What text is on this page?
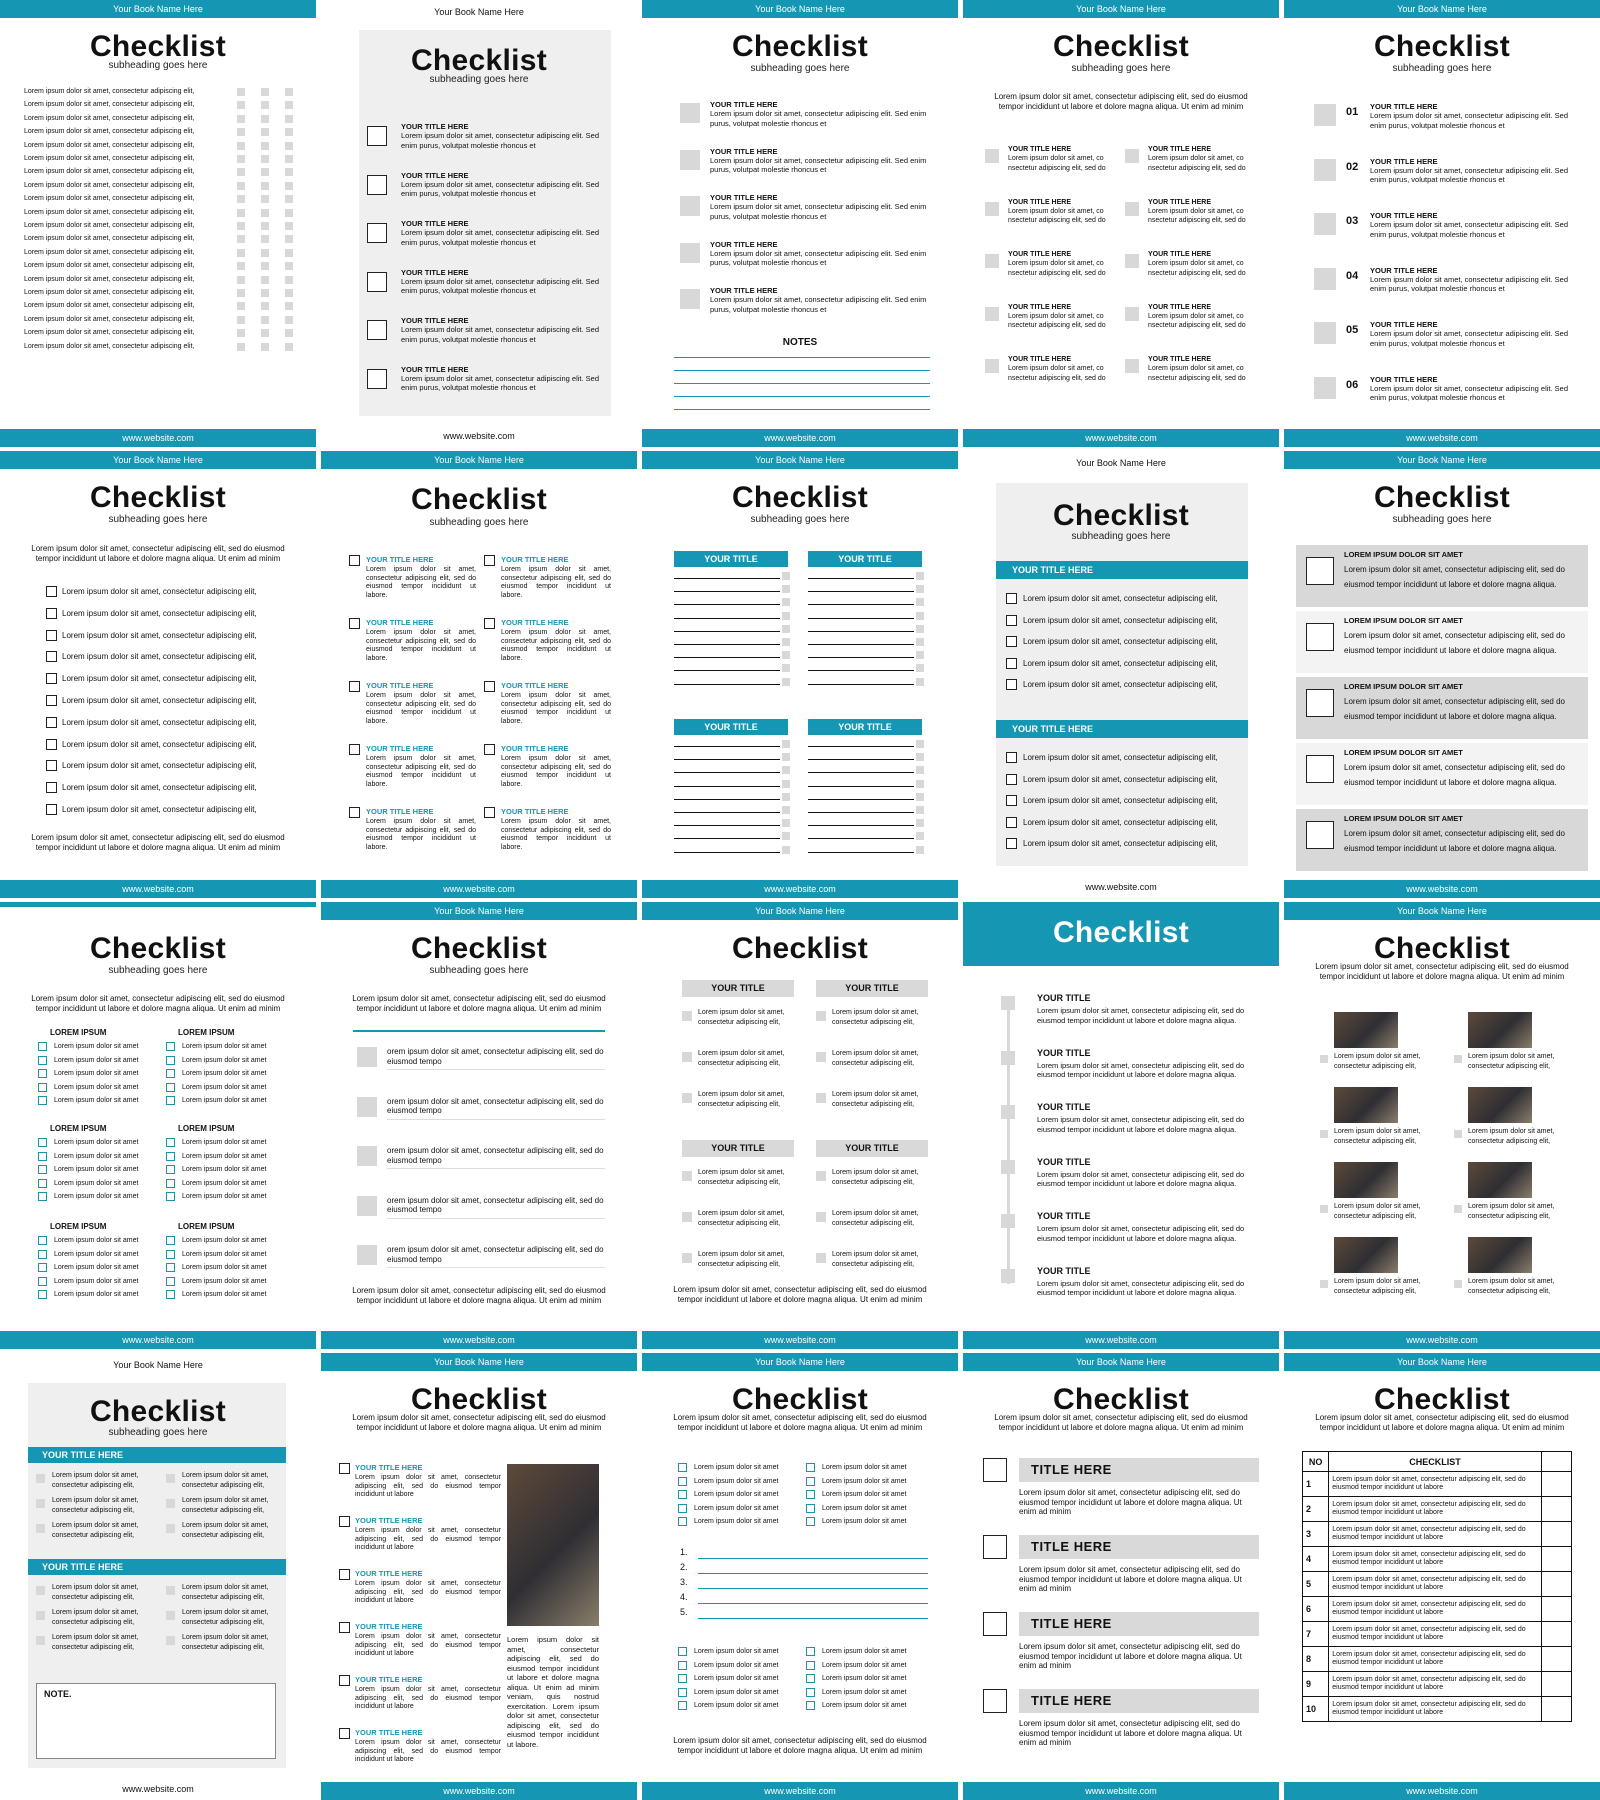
Your Book Name Here
Checklist
subheading goes here
Lorem ipsum dolor sit amet, consectetur adipiscing elit,
Lorem ipsum dolor sit amet, consectetur adipiscing elit,
Lorem ipsum dolor sit amet, consectetur adipiscing elit,
Lorem ipsum dolor sit amet, consectetur adipiscing elit,
Lorem ipsum dolor sit amet, consectetur adipiscing elit,
Lorem ipsum dolor sit amet, consectetur adipiscing elit,
Lorem ipsum dolor sit amet, consectetur adipiscing elit,
Lorem ipsum dolor sit amet, consectetur adipiscing elit,
Lorem ipsum dolor sit amet, consectetur adipiscing elit,
Lorem ipsum dolor sit amet, consectetur adipiscing elit,
Lorem ipsum dolor sit amet, consectetur adipiscing elit,
Lorem ipsum dolor sit amet, consectetur adipiscing elit,
Lorem ipsum dolor sit amet, consectetur adipiscing elit,
Lorem ipsum dolor sit amet, consectetur adipiscing elit,
Lorem ipsum dolor sit amet, consectetur adipiscing elit,
Lorem ipsum dolor sit amet, consectetur adipiscing elit,
Lorem ipsum dolor sit amet, consectetur adipiscing elit,
Lorem ipsum dolor sit amet, consectetur adipiscing elit,
Lorem ipsum dolor sit amet, consectetur adipiscing elit,
Lorem ipsum dolor sit amet, consectetur adipiscing elit,
www.website.com
Your Book Name Here
Checklist
subheading goes here
YOUR TITLE HERE
Lorem ipsum dolor sit amet, consectetur adipiscing elit. Sed enim purus, volutpat molestie rhoncus et
YOUR TITLE HERE
Lorem ipsum dolor sit amet, consectetur adipiscing elit. Sed enim purus, volutpat molestie rhoncus et
YOUR TITLE HERE
Lorem ipsum dolor sit amet, consectetur adipiscing elit. Sed enim purus, volutpat molestie rhoncus et
YOUR TITLE HERE
Lorem ipsum dolor sit amet, consectetur adipiscing elit. Sed enim purus, volutpat molestie rhoncus et
YOUR TITLE HERE
Lorem ipsum dolor sit amet, consectetur adipiscing elit. Sed enim purus, volutpat molestie rhoncus et
YOUR TITLE HERE
Lorem ipsum dolor sit amet, consectetur adipiscing elit. Sed enim purus, volutpat molestie rhoncus et
www.website.com
Your Book Name Here
Checklist
subheading goes here
YOUR TITLE HERE
Lorem ipsum dolor sit amet, consectetur adipiscing elit. Sed enim purus, volutpat molestie rhoncus et
YOUR TITLE HERE
Lorem ipsum dolor sit amet, consectetur adipiscing elit. Sed enim purus, volutpat molestie rhoncus et
YOUR TITLE HERE
Lorem ipsum dolor sit amet, consectetur adipiscing elit. Sed enim purus, volutpat molestie rhoncus et
YOUR TITLE HERE
Lorem ipsum dolor sit amet, consectetur adipiscing elit. Sed enim purus, volutpat molestie rhoncus et
YOUR TITLE HERE
Lorem ipsum dolor sit amet, consectetur adipiscing elit. Sed enim purus, volutpat molestie rhoncus et
NOTES
www.website.com
Your Book Name Here
Checklist
subheading goes here
Lorem ipsum dolor sit amet, consectetur adipiscing elit, sed do eiusmod tempor incididunt ut labore et dolore magna aliqua. Ut enim ad minim
YOUR TITLE HERE
Lorem ipsum dolor sit amet, co nsectetur adipiscing elit, sed do
YOUR TITLE HERE
Lorem ipsum dolor sit amet, co nsectetur adipiscing elit, sed do
YOUR TITLE HERE
Lorem ipsum dolor sit amet, co nsectetur adipiscing elit, sed do
YOUR TITLE HERE
Lorem ipsum dolor sit amet, co nsectetur adipiscing elit, sed do
YOUR TITLE HERE
Lorem ipsum dolor sit amet, co nsectetur adipiscing elit, sed do
YOUR TITLE HERE
Lorem ipsum dolor sit amet, co nsectetur adipiscing elit, sed do
YOUR TITLE HERE
Lorem ipsum dolor sit amet, co nsectetur adipiscing elit, sed do
YOUR TITLE HERE
Lorem ipsum dolor sit amet, co nsectetur adipiscing elit, sed do
YOUR TITLE HERE
Lorem ipsum dolor sit amet, co nsectetur adipiscing elit, sed do
YOUR TITLE HERE
Lorem ipsum dolor sit amet, co nsectetur adipiscing elit, sed do
www.website.com
Your Book Name Here
Checklist
subheading goes here
01 YOUR TITLE HERE
Lorem ipsum dolor sit amet, consectetur adipiscing elit. Sed enim purus, volutpat molestie rhoncus et
02 YOUR TITLE HERE
Lorem ipsum dolor sit amet, consectetur adipiscing elit. Sed enim purus, volutpat molestie rhoncus et
03 YOUR TITLE HERE
Lorem ipsum dolor sit amet, consectetur adipiscing elit. Sed enim purus, volutpat molestie rhoncus et
04 YOUR TITLE HERE
Lorem ipsum dolor sit amet, consectetur adipiscing elit. Sed enim purus, volutpat molestie rhoncus et
05 YOUR TITLE HERE
Lorem ipsum dolor sit amet, consectetur adipiscing elit. Sed enim purus, volutpat molestie rhoncus et
06 YOUR TITLE HERE
Lorem ipsum dolor sit amet, consectetur adipiscing elit. Sed enim purus, volutpat molestie rhoncus et
www.website.com
Your Book Name Here
Checklist
subheading goes here
Lorem ipsum dolor sit amet, consectetur adipiscing elit, sed do eiusmod tempor incididunt ut labore et dolore magna aliqua. Ut enim ad minim
Lorem ipsum dolor sit amet, consectetur adipiscing elit,
Lorem ipsum dolor sit amet, consectetur adipiscing elit,
Lorem ipsum dolor sit amet, consectetur adipiscing elit,
Lorem ipsum dolor sit amet, consectetur adipiscing elit,
Lorem ipsum dolor sit amet, consectetur adipiscing elit,
Lorem ipsum dolor sit amet, consectetur adipiscing elit,
Lorem ipsum dolor sit amet, consectetur adipiscing elit,
Lorem ipsum dolor sit amet, consectetur adipiscing elit,
Lorem ipsum dolor sit amet, consectetur adipiscing elit,
Lorem ipsum dolor sit amet, consectetur adipiscing elit,
Lorem ipsum dolor sit amet, consectetur adipiscing elit,
Lorem ipsum dolor sit amet, consectetur adipiscing elit, sed do eiusmod tempor incididunt ut labore et dolore magna aliqua. Ut enim ad minim
www.website.com
Your Book Name Here
Checklist
subheading goes here
YOUR TITLE HERE
Lorem ipsum dolor sit amet, consectetur adipiscing elit, sed do eiusmod tempor incididunt ut labore.
YOUR TITLE HERE
Lorem ipsum dolor sit amet, consectetur adipiscing elit, sed do eiusmod tempor incididunt ut labore.
YOUR TITLE HERE
Lorem ipsum dolor sit amet, consectetur adipiscing elit, sed do eiusmod tempor incididunt ut labore.
YOUR TITLE HERE
Lorem ipsum dolor sit amet, consectetur adipiscing elit, sed do eiusmod tempor incididunt ut labore.
YOUR TITLE HERE
Lorem ipsum dolor sit amet, consectetur adipiscing elit, sed do eiusmod tempor incididunt ut labore.
YOUR TITLE HERE
Lorem ipsum dolor sit amet, consectetur adipiscing elit, sed do eiusmod tempor incididunt ut labore.
YOUR TITLE HERE
Lorem ipsum dolor sit amet, consectetur adipiscing elit, sed do eiusmod tempor incididunt ut labore.
YOUR TITLE HERE
Lorem ipsum dolor sit amet, consectetur adipiscing elit, sed do eiusmod tempor incididunt ut labore.
YOUR TITLE HERE
Lorem ipsum dolor sit amet, consectetur adipiscing elit, sed do eiusmod tempor incididunt ut labore.
YOUR TITLE HERE
Lorem ipsum dolor sit amet, consectetur adipiscing elit, sed do eiusmod tempor incididunt ut labore.
www.website.com
Your Book Name Here
Checklist
subheading goes here
YOUR TITLE	YOUR TITLE
YOUR TITLE	YOUR TITLE
www.website.com
Your Book Name Here
Checklist
subheading goes here
YOUR TITLE HERE
Lorem ipsum dolor sit amet, consectetur adipiscing elit,
Lorem ipsum dolor sit amet, consectetur adipiscing elit,
Lorem ipsum dolor sit amet, consectetur adipiscing elit,
Lorem ipsum dolor sit amet, consectetur adipiscing elit,
Lorem ipsum dolor sit amet, consectetur adipiscing elit,
YOUR TITLE HERE
Lorem ipsum dolor sit amet, consectetur adipiscing elit,
Lorem ipsum dolor sit amet, consectetur adipiscing elit,
Lorem ipsum dolor sit amet, consectetur adipiscing elit,
Lorem ipsum dolor sit amet, consectetur adipiscing elit,
Lorem ipsum dolor sit amet, consectetur adipiscing elit,
www.website.com
Your Book Name Here
Checklist
subheading goes here
LOREM IPSUM DOLOR SIT AMET
Lorem ipsum dolor sit amet, consectetur adipiscing elit, sed do eiusmod tempor incididunt ut labore et dolore magna aliqua.
LOREM IPSUM DOLOR SIT AMET
Lorem ipsum dolor sit amet, consectetur adipiscing elit, sed do eiusmod tempor incididunt ut labore et dolore magna aliqua.
LOREM IPSUM DOLOR SIT AMET
Lorem ipsum dolor sit amet, consectetur adipiscing elit, sed do eiusmod tempor incididunt ut labore et dolore magna aliqua.
LOREM IPSUM DOLOR SIT AMET
Lorem ipsum dolor sit amet, consectetur adipiscing elit, sed do eiusmod tempor incididunt ut labore et dolore magna aliqua.
LOREM IPSUM DOLOR SIT AMET
Lorem ipsum dolor sit amet, consectetur adipiscing elit, sed do eiusmod tempor incididunt ut labore et dolore magna aliqua.
www.website.com
Checklist
subheading goes here
Lorem ipsum dolor sit amet, consectetur adipiscing elit, sed do eiusmod tempor incididunt ut labore et dolore magna aliqua. Ut enim ad minim
LOREM IPSUM
Lorem ipsum dolor sit amet
Lorem ipsum dolor sit amet
Lorem ipsum dolor sit amet
Lorem ipsum dolor sit amet
Lorem ipsum dolor sit amet
LOREM IPSUM
Lorem ipsum dolor sit amet
Lorem ipsum dolor sit amet
Lorem ipsum dolor sit amet
Lorem ipsum dolor sit amet
Lorem ipsum dolor sit amet
LOREM IPSUM
Lorem ipsum dolor sit amet
Lorem ipsum dolor sit amet
Lorem ipsum dolor sit amet
Lorem ipsum dolor sit amet
Lorem ipsum dolor sit amet
LOREM IPSUM
Lorem ipsum dolor sit amet
Lorem ipsum dolor sit amet
Lorem ipsum dolor sit amet
Lorem ipsum dolor sit amet
Lorem ipsum dolor sit amet
LOREM IPSUM
Lorem ipsum dolor sit amet
Lorem ipsum dolor sit amet
Lorem ipsum dolor sit amet
Lorem ipsum dolor sit amet
Lorem ipsum dolor sit amet
LOREM IPSUM
Lorem ipsum dolor sit amet
Lorem ipsum dolor sit amet
Lorem ipsum dolor sit amet
Lorem ipsum dolor sit amet
Lorem ipsum dolor sit amet
www.website.com
Your Book Name Here
Checklist
subheading goes here
Lorem ipsum dolor sit amet, consectetur adipiscing elit, sed do eiusmod tempor incididunt ut labore et dolore magna aliqua. Ut enim ad minim
orem ipsum dolor sit amet, consectetur adipiscing elit, sed do eiusmod tempo
orem ipsum dolor sit amet, consectetur adipiscing elit, sed do eiusmod tempo
orem ipsum dolor sit amet, consectetur adipiscing elit, sed do eiusmod tempo
orem ipsum dolor sit amet, consectetur adipiscing elit, sed do eiusmod tempo
orem ipsum dolor sit amet, consectetur adipiscing elit, sed do eiusmod tempo
Lorem ipsum dolor sit amet, consectetur adipiscing elit, sed do eiusmod tempor incididunt ut labore et dolore magna aliqua. Ut enim ad minim
www.website.com
Your Book Name Here
Checklist
YOUR TITLE
Lorem ipsum dolor sit amet, consectetur adipiscing elit,
Lorem ipsum dolor sit amet, consectetur adipiscing elit,
Lorem ipsum dolor sit amet, consectetur adipiscing elit,
YOUR TITLE
Lorem ipsum dolor sit amet, consectetur adipiscing elit,
Lorem ipsum dolor sit amet, consectetur adipiscing elit,
Lorem ipsum dolor sit amet, consectetur adipiscing elit,
YOUR TITLE
Lorem ipsum dolor sit amet, consectetur adipiscing elit,
Lorem ipsum dolor sit amet, consectetur adipiscing elit,
Lorem ipsum dolor sit amet, consectetur adipiscing elit,
YOUR TITLE
Lorem ipsum dolor sit amet, consectetur adipiscing elit,
Lorem ipsum dolor sit amet, consectetur adipiscing elit,
Lorem ipsum dolor sit amet, consectetur adipiscing elit,
Lorem ipsum dolor sit amet, consectetur adipiscing elit, sed do eiusmod tempor incididunt ut labore et dolore magna aliqua. Ut enim ad minim
www.website.com
Checklist
YOUR TITLE
Lorem ipsum dolor sit amet, consectetur adipiscing elit, sed do eiusmod tempor incididunt ut labore et dolore magna aliqua.
YOUR TITLE
Lorem ipsum dolor sit amet, consectetur adipiscing elit, sed do eiusmod tempor incididunt ut labore et dolore magna aliqua.
YOUR TITLE
Lorem ipsum dolor sit amet, consectetur adipiscing elit, sed do eiusmod tempor incididunt ut labore et dolore magna aliqua.
YOUR TITLE
Lorem ipsum dolor sit amet, consectetur adipiscing elit, sed do eiusmod tempor incididunt ut labore et dolore magna aliqua.
YOUR TITLE
Lorem ipsum dolor sit amet, consectetur adipiscing elit, sed do eiusmod tempor incididunt ut labore et dolore magna aliqua.
YOUR TITLE
Lorem ipsum dolor sit amet, consectetur adipiscing elit, sed do eiusmod tempor incididunt ut labore et dolore magna aliqua.
www.website.com
Your Book Name Here
Checklist
Lorem ipsum dolor sit amet, consectetur adipiscing elit, sed do eiusmod tempor incididunt ut labore et dolore magna aliqua. Ut enim ad minim
Lorem ipsum dolor sit amet, consectetur adipiscing elit,
Lorem ipsum dolor sit amet, consectetur adipiscing elit,
Lorem ipsum dolor sit amet, consectetur adipiscing elit,
Lorem ipsum dolor sit amet, consectetur adipiscing elit,
Lorem ipsum dolor sit amet, consectetur adipiscing elit,
Lorem ipsum dolor sit amet, consectetur adipiscing elit,
Lorem ipsum dolor sit amet, consectetur adipiscing elit,
Lorem ipsum dolor sit amet, consectetur adipiscing elit,
www.website.com
Your Book Name Here
Checklist
subheading goes here
YOUR TITLE HERE
Lorem ipsum dolor sit amet, consectetur adipiscing elit,
Lorem ipsum dolor sit amet, consectetur adipiscing elit,
Lorem ipsum dolor sit amet, consectetur adipiscing elit,
Lorem ipsum dolor sit amet, consectetur adipiscing elit,
Lorem ipsum dolor sit amet, consectetur adipiscing elit,
Lorem ipsum dolor sit amet, consectetur adipiscing elit,
YOUR TITLE HERE
Lorem ipsum dolor sit amet, consectetur adipiscing elit,
Lorem ipsum dolor sit amet, consectetur adipiscing elit,
Lorem ipsum dolor sit amet, consectetur adipiscing elit,
Lorem ipsum dolor sit amet, consectetur adipiscing elit,
Lorem ipsum dolor sit amet, consectetur adipiscing elit,
Lorem ipsum dolor sit amet, consectetur adipiscing elit,
NOTE.
www.website.com
Your Book Name Here
Checklist
Lorem ipsum dolor sit amet, consectetur adipiscing elit, sed do eiusmod tempor incididunt ut labore et dolore magna aliqua. Ut enim ad minim
YOUR TITLE HERE
Lorem ipsum dolor sit amet, consectetur adipiscing elit, sed do eiusmod tempor incididunt ut labore
YOUR TITLE HERE
Lorem ipsum dolor sit amet, consectetur adipiscing elit, sed do eiusmod tempor incididunt ut labore
YOUR TITLE HERE
Lorem ipsum dolor sit amet, consectetur adipiscing elit, sed do eiusmod tempor incididunt ut labore
YOUR TITLE HERE
Lorem ipsum dolor sit amet, consectetur adipiscing elit, sed do eiusmod tempor incididunt ut labore
YOUR TITLE HERE
Lorem ipsum dolor sit amet, consectetur adipiscing elit, sed do eiusmod tempor incididunt ut labore
YOUR TITLE HERE
Lorem ipsum dolor sit amet, consectetur adipiscing elit, sed do eiusmod tempor incididunt ut labore
Lorem ipsum dolor sit amet, consectetur adipiscing elit, sed do eiusmod tempor incididunt ut labore et dolore magna aliqua. Ut enim ad minim veniam, quis nostrud exercitation. Lorem ipsum dolor sit amet, consectetur adipiscing elit, sed do eiusmod tempor incididunt ut labore.
www.website.com
Your Book Name Here
Checklist
Lorem ipsum dolor sit amet, consectetur adipiscing elit, sed do eiusmod tempor incididunt ut labore et dolore magna aliqua. Ut enim ad minim
Lorem ipsum dolor sit amet
Lorem ipsum dolor sit amet
Lorem ipsum dolor sit amet
Lorem ipsum dolor sit amet
Lorem ipsum dolor sit amet
Lorem ipsum dolor sit amet
Lorem ipsum dolor sit amet
Lorem ipsum dolor sit amet
Lorem ipsum dolor sit amet
Lorem ipsum dolor sit amet
Lorem ipsum dolor sit amet
Lorem ipsum dolor sit amet
Lorem ipsum dolor sit amet
Lorem ipsum dolor sit amet
Lorem ipsum dolor sit amet
Lorem ipsum dolor sit amet
Lorem ipsum dolor sit amet
Lorem ipsum dolor sit amet
Lorem ipsum dolor sit amet
Lorem ipsum dolor sit amet
1.
2.
3.
4.
5.
Lorem ipsum dolor sit amet, consectetur adipiscing elit, sed do eiusmod tempor incididunt ut labore et dolore magna aliqua. Ut enim ad minim
www.website.com
Your Book Name Here
Checklist
Lorem ipsum dolor sit amet, consectetur adipiscing elit, sed do eiusmod tempor incididunt ut labore et dolore magna aliqua. Ut enim ad minim
TITLE HERE
Lorem ipsum dolor sit amet, consectetur adipiscing elit, sed do eiusmod tempor incididunt ut labore et dolore magna aliqua. Ut enim ad minim
TITLE HERE
Lorem ipsum dolor sit amet, consectetur adipiscing elit, sed do eiusmod tempor incididunt ut labore et dolore magna aliqua. Ut enim ad minim
TITLE HERE
Lorem ipsum dolor sit amet, consectetur adipiscing elit, sed do eiusmod tempor incididunt ut labore et dolore magna aliqua. Ut enim ad minim
TITLE HERE
Lorem ipsum dolor sit amet, consectetur adipiscing elit, sed do eiusmod tempor incididunt ut labore et dolore magna aliqua. Ut enim ad minim
www.website.com
Your Book Name Here
Checklist
Lorem ipsum dolor sit amet, consectetur adipiscing elit, sed do eiusmod tempor incididunt ut labore et dolore magna aliqua. Ut enim ad minim
NO	CHECKLIST	
1	Lorem ipsum dolor sit amet, consectetur adipiscing elit, sed do eiusmod tempor incididunt ut labore	
2	Lorem ipsum dolor sit amet, consectetur adipiscing elit, sed do eiusmod tempor incididunt ut labore	
3	Lorem ipsum dolor sit amet, consectetur adipiscing elit, sed do eiusmod tempor incididunt ut labore	
4	Lorem ipsum dolor sit amet, consectetur adipiscing elit, sed do eiusmod tempor incididunt ut labore	
5	Lorem ipsum dolor sit amet, consectetur adipiscing elit, sed do eiusmod tempor incididunt ut labore	
6	Lorem ipsum dolor sit amet, consectetur adipiscing elit, sed do eiusmod tempor incididunt ut labore	
7	Lorem ipsum dolor sit amet, consectetur adipiscing elit, sed do eiusmod tempor incididunt ut labore	
8	Lorem ipsum dolor sit amet, consectetur adipiscing elit, sed do eiusmod tempor incididunt ut labore	
9	Lorem ipsum dolor sit amet, consectetur adipiscing elit, sed do eiusmod tempor incididunt ut labore	
10	Lorem ipsum dolor sit amet, consectetur adipiscing elit, sed do eiusmod tempor incididunt ut labore	
www.website.com
